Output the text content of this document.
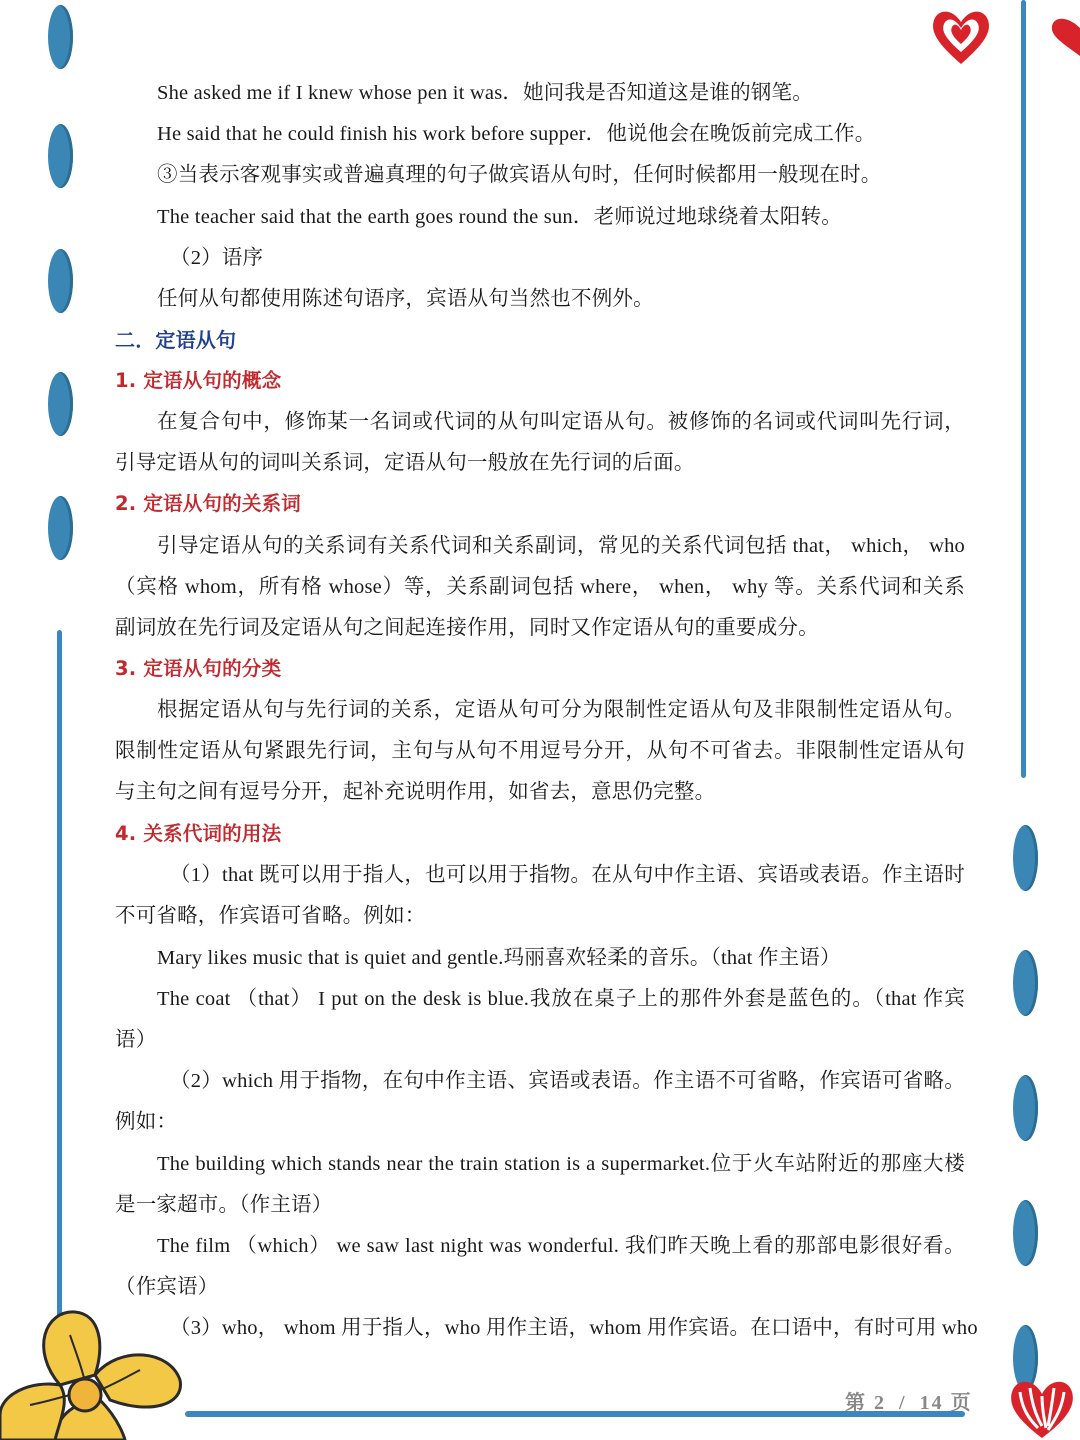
She asked me if I knew whose pen it was．她问我是否知道这是谁的钢笔。
He said that he could finish his work before supper．他说他会在晚饭前完成工作。
③当表示客观事实或普遍真理的句子做宾语从句时，任何时候都用一般现在时。
The teacher said that the earth goes round the sun．老师说过地球绕着太阳转。
（2）语序
任何从句都使用陈述句语序，宾语从句当然也不例外。
二．定语从句
1. 定语从句的概念
在复合句中，修饰某一名词或代词的从句叫定语从句。被修饰的名词或代词叫先行词，
引导定语从句的词叫关系词，定语从句一般放在先行词的后面。
2. 定语从句的关系词
引导定语从句的关系词有关系代词和关系副词，常见的关系代词包括 that， which， who
（宾格 whom，所有格 whose）等，关系副词包括 where， when， why 等。关系代词和关系
副词放在先行词及定语从句之间起连接作用，同时又作定语从句的重要成分。
3. 定语从句的分类
根据定语从句与先行词的关系，定语从句可分为限制性定语从句及非限制性定语从句。
限制性定语从句紧跟先行词，主句与从句不用逗号分开，从句不可省去。非限制性定语从句
与主句之间有逗号分开，起补充说明作用，如省去，意思仍完整。
4. 关系代词的用法
（1）that 既可以用于指人，也可以用于指物。在从句中作主语、宾语或表语。作主语时
不可省略，作宾语可省略。例如：
Mary likes music that is quiet and gentle.玛丽喜欢轻柔的音乐。（that 作主语）
The coat （that） I put on the desk is blue.我放在桌子上的那件外套是蓝色的。（that 作宾
语）
（2）which 用于指物，在句中作主语、宾语或表语。作主语不可省略，作宾语可省略。
例如：
The building which stands near the train station is a supermarket.位于火车站附近的那座大楼
是一家超市。（作主语）
The film （which） we saw last night was wonderful. 我们昨天晚上看的那部电影很好看。
（作宾语）
（3）who， whom 用于指人，who 用作主语，whom 用作宾语。在口语中，有时可用 who
第 2 / 14 页
